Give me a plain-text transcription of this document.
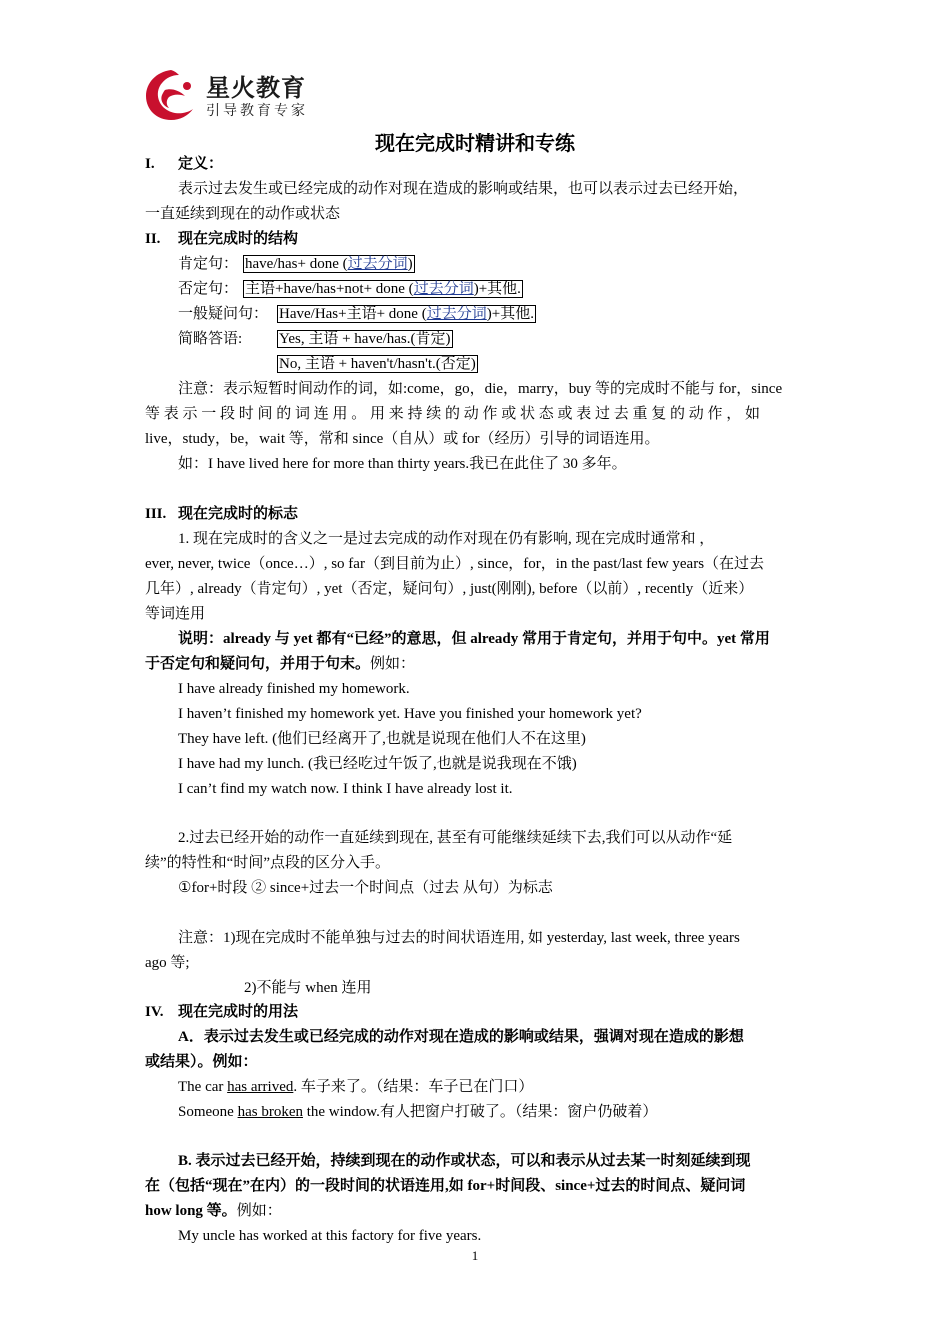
星火教育
引导教育专家
现在完成时精讲和专练
I. 定义：
表示过去发生或已经完成的动作对现在造成的影响或结果，也可以表示过去已经开始，
一直延续到现在的动作或状态
II. 现在完成时的结构
肯定句： have/has+ done (过去分词)
否定句： 主语+have/has+not+ done (过去分词)+其他.
一般疑问句： Have/Has+主语+ done (过去分词)+其他.
简略答语: Yes, 主语 + have/has.(肯定)
No, 主语 + haven't/hasn't.(否定)
注意：表示短暂时间动作的词，如:come，go，die，marry，buy 等的完成时不能与 for，since
等 表 示 一 段 时 间 的 词 连 用 。 用 来 持 续 的 动 作 或 状 态 或 表 过 去 重 复 的 动 作 ， 如
live，study，be，wait 等，常和 since（自从）或 for（经历）引导的词语连用。
如：I have lived here for more than thirty years.我已在此住了 30 多年。
III. 现在完成时的标志
1. 现在完成时的含义之一是过去完成的动作对现在仍有影响, 现在完成时通常和 ，
ever, never, twice（once…）, so far（到目前为止）, since，for，in the past/last few years（在过去
几年）, already（肯定句）, yet（否定，疑问句）, just(刚刚), before（以前）, recently（近来）
等词连用
说明：already 与 yet 都有“已经”的意思，但 already 常用于肯定句，并用于句中。yet 常用
于否定句和疑问句，并用于句末。例如：
I have already finished my homework.
I haven’t finished my homework yet. Have you finished your homework yet?
They have left. (他们已经离开了,也就是说现在他们人不在这里)
I have had my lunch. (我已经吃过午饭了,也就是说我现在不饿)
I can’t find my watch now. I think I have already lost it.
2.过去已经开始的动作一直延续到现在, 甚至有可能继续延续下去,我们可以从动作“延
续”的特性和“时间”点段的区分入手。
①for+时段 ② since+过去一个时间点（过去 从句）为标志
注意：1)现在完成时不能单独与过去的时间状语连用, 如 yesterday, last week, three years
ago 等;
2)不能与 when 连用
IV. 现在完成时的用法
A．表示过去发生或已经完成的动作对现在造成的影响或结果，强调对现在造成的影想
或结果）。例如：
The car has arrived. 车子来了。（结果：车子已在门口）
Someone has broken the window.有人把窗户打破了。（结果：窗户仍破着）
B. 表示过去已经开始，持续到现在的动作或状态，可以和表示从过去某一时刻延续到现
在（包括“现在”在内）的一段时间的状语连用,如 for+时间段、since+过去的时间点、疑问词
how long 等。例如：
My uncle has worked at this factory for five years.
1
